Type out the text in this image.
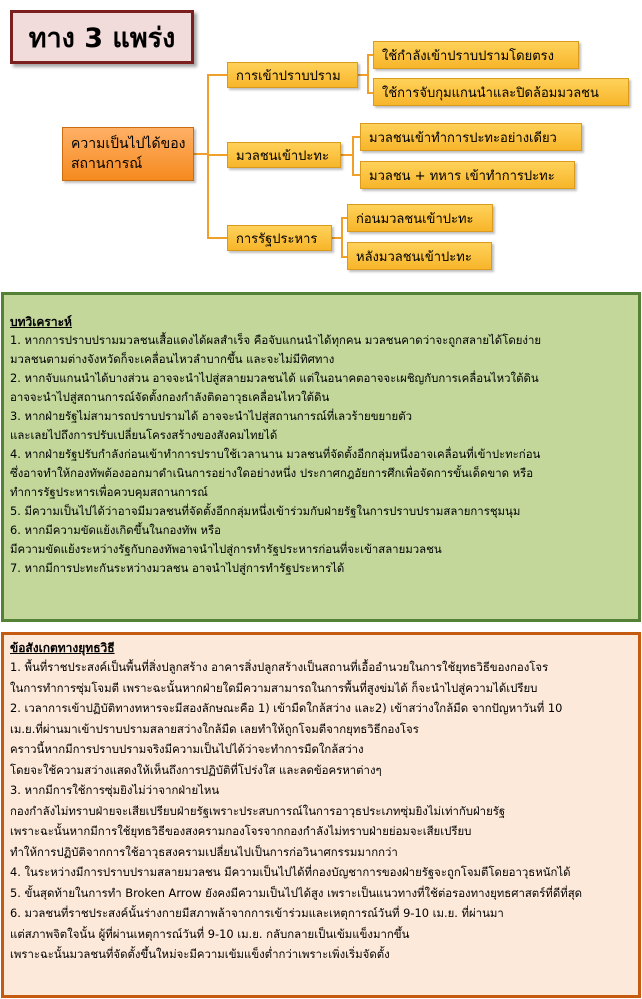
ทาง 3 แพร่ง
ความเป็นไปได้ของ
สถานการณ์
การเข้าปราบปราม
มวลชนเข้าปะทะ
การรัฐประหาร
ใช้กำลังเข้าปราบปรามโดยตรง
ใช้การจับกุมแกนนำและปิดล้อมมวลชน
มวลชนเข้าทำการปะทะอย่างเดียว
มวลชน + ทหาร เข้าทำการปะทะ
ก่อนมวลชนเข้าปะทะ
หลังมวลชนเข้าปะทะ
บทวิเคราะห์
1. หากการปราบปรามมวลชนเสื้อแดงได้ผลสำเร็จ คือจับแกนนำได้ทุกคน มวลชนคาดว่าจะถูกสลายได้โดยง่าย
มวลชนตามต่างจังหวัดก็จะเคลื่อนไหวลำบากขึ้น และจะไม่มีทิศทาง
2. หากจับแกนนำได้บางส่วน อาจจะนำไปสู่สลายมวลชนได้ แต่ในอนาคตอาจจะเผชิญกับการเคลื่อนไหวใต้ดิน
อาจจะนำไปสู่สถานการณ์จัดตั้งกองกำลังติดอาวุธเคลื่อนไหวใต้ดิน
3. หากฝ่ายรัฐไม่สามารถปราบปรามได้ อาจจะนำไปสู่สถานการณ์ที่เลวร้ายขยายตัว
และเลยไปถึงการปรับเปลี่ยนโครงสร้างของสังคมไทยได้
4. หากฝ่ายรัฐปรับกำลังก่อนเข้าทำการปราบใช้เวลานาน มวลชนที่จัดตั้งอีกกลุ่มหนึ่งอาจเคลื่อนที่เข้าปะทะก่อน
ซึ่งอาจทำให้กองทัพต้องออกมาดำเนินการอย่างใดอย่างหนึ่ง ประกาศกฎอัยการศึกเพื่อจัดการขั้นเด็ดขาด หรือ
ทำการรัฐประหารเพื่อควบคุมสถานการณ์
5. มีความเป็นไปได้ว่าอาจมีมวลชนที่จัดตั้งอีกกลุ่มหนึ่งเข้าร่วมกับฝ่ายรัฐในการปราบปรามสลายการชุมนุม
6. หากมีความขัดแย้งเกิดขึ้นในกองทัพ หรือ
มีความขัดแย้งระหว่างรัฐกับกองทัพอาจนำไปสู่การทำรัฐประหารก่อนที่จะเข้าสลายมวลชน
7. หากมีการปะทะกันระหว่างมวลชน อาจนำไปสู่การทำรัฐประหารได้
ข้อสังเกตทางยุทธวิธี
1. พื้นที่ราชประสงค์เป็นพื้นที่สิ่งปลูกสร้าง อาคารสิ่งปลูกสร้างเป็นสถานที่เอื้ออำนวยในการใช้ยุทธวิธีของกองโจร
ในการทำการซุ่มโจมตี เพราะฉะนั้นหากฝ่ายใดมีความสามารถในการพื้นที่สูงข่มได้ ก็จะนำไปสู่ความได้เปรียบ
2. เวลาการเข้าปฏิบัติทางทหารจะมีสองลักษณะคือ 1) เข้ามืดใกล้สว่าง และ2) เข้าสว่างใกล้มืด จากปัญหาวันที่ 10
เม.ย.ที่ผ่านมาเข้าปราบปรามสลายสว่างใกล้มืด เลยทำให้ถูกโจมตีจากยุทธวิธีกองโจร
คราวนี้หากมีการปราบปรามจริงมีความเป็นไปได้ว่าจะทำการมืดใกล้สว่าง
โดยจะใช้ความสว่างแสดงให้เห็นถึงการปฏิบัติที่โปร่งใส และลดข้อครหาต่างๆ
3. หากมีการใช้การซุ่มยิงไม่ว่าจากฝ่ายไหน
กองกำลังไม่ทราบฝ่ายจะเสียเปรียบฝ่ายรัฐเพราะประสบการณ์ในการอาวุธประเภทซุ่มยิงไม่เท่ากับฝ่ายรัฐ
เพราะฉะนั้นหากมีการใช้ยุทธวิธีของสงครามกองโจรจากกองกำลังไม่ทราบฝ่ายย่อมจะเสียเปรียบ
ทำให้การปฏิบัติจากการใช้อาวุธสงครามเปลี่ยนไปเป็นการก่อวินาศกรรมมากกว่า
4. ในระหว่างมีการปราบปรามสลายมวลชน มีความเป็นไปได้ที่กองบัญชาการของฝ่ายรัฐจะถูกโจมตีโดยอาวุธหนักได้
5. ขั้นสุดท้ายในการทำ Broken Arrow ยังคงมีความเป็นไปได้สูง เพราะเป็นแนวทางที่ใช้ต่อรองทางยุทธศาสตร์ที่ดีที่สุด
6. มวลชนที่ราชประสงค์นั้นร่างกายมีสภาพล้าจากการเข้าร่วมและเหตุการณ์วันที่ 9-10 เม.ย. ที่ผ่านมา
แต่สภาพจิตใจนั้น ผู้ที่ผ่านเหตุการณ์วันที่ 9-10 เม.ย. กลับกลายเป็นเข้มแข็งมากขึ้น
เพราะฉะนั้นมวลชนที่จัดตั้งขึ้นใหม่จะมีความเข้มแข็งต่ำกว่าเพราะเพิ่งเริ่มจัดตั้ง
